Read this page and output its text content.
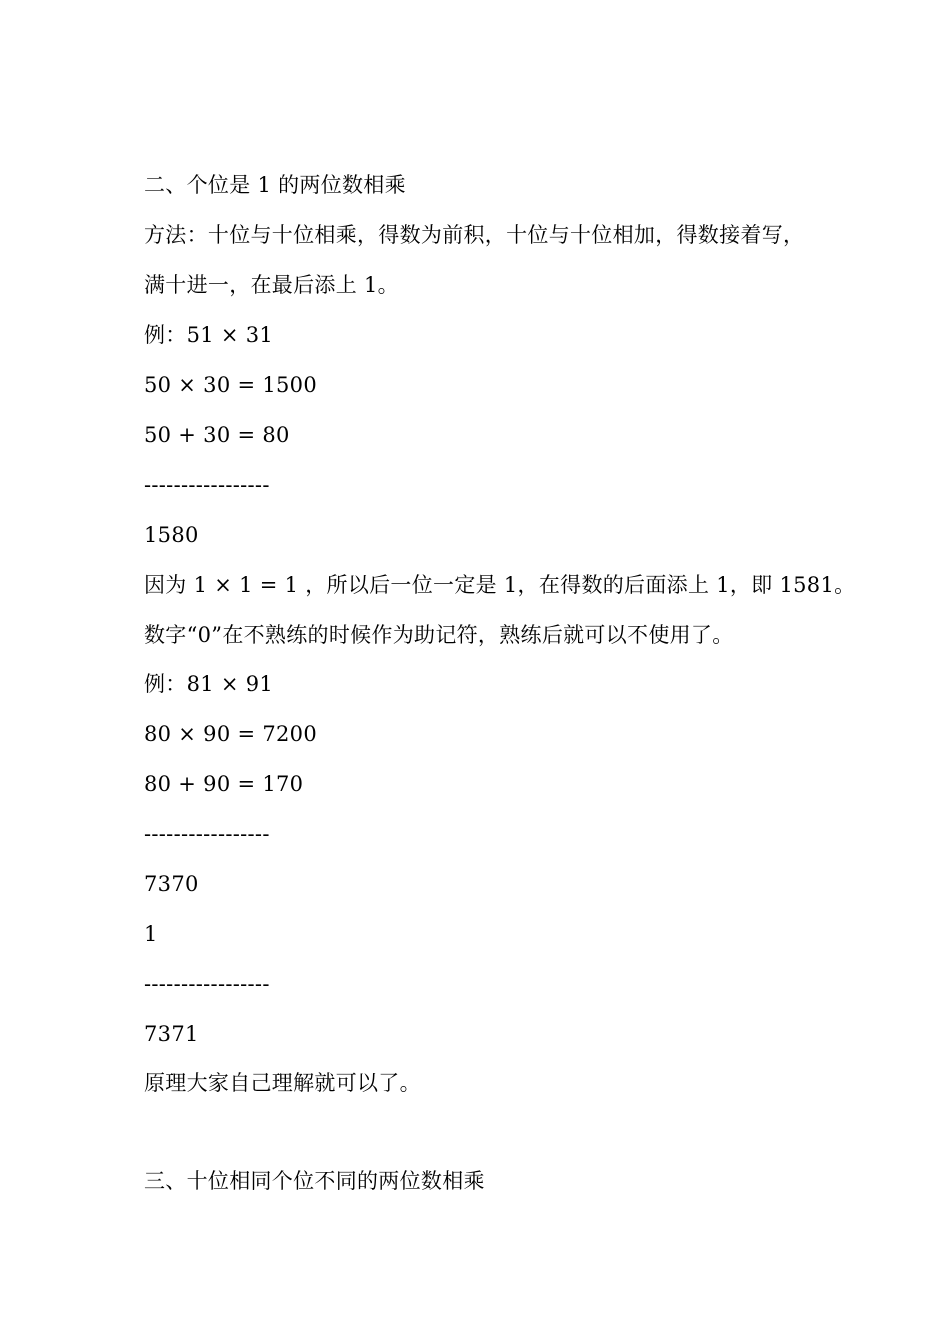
二、个位是 1 的两位数相乘
方法：十位与十位相乘，得数为前积，十位与十位相加，得数接着写，
满十进一，在最后添上 1。
例：51 × 31
50 × 30 = 1500
50 + 30 = 80
-----------------
1580
因为 1 × 1 = 1 ，所以后一位一定是 1，在得数的后面添上 1，即 1581。
数字“0”在不熟练的时候作为助记符，熟练后就可以不使用了。
例：81 × 91
80 × 90 = 7200
80 + 90 = 170
-----------------
7370
1
-----------------
7371
原理大家自己理解就可以了。
三、十位相同个位不同的两位数相乘
